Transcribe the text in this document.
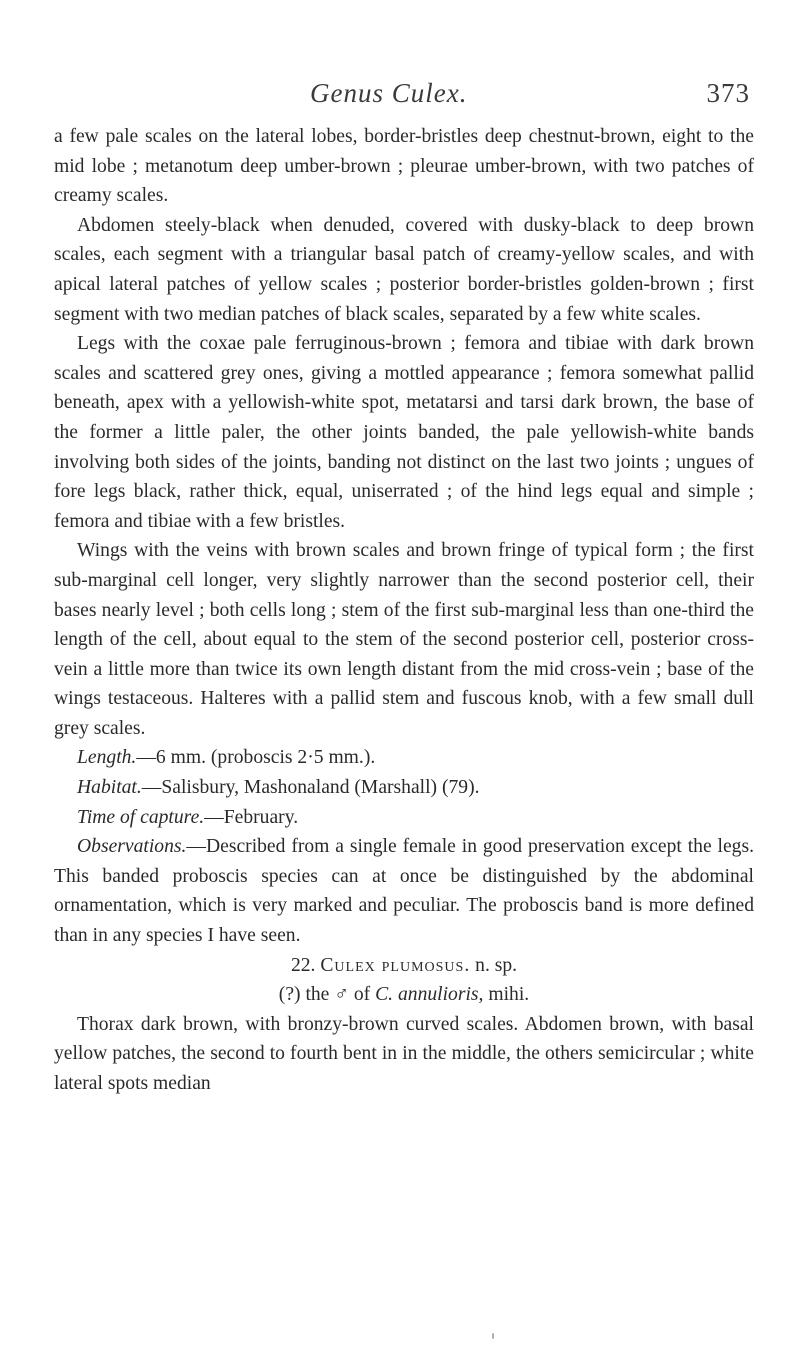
Genus Culex.	373

a few pale scales on the lateral lobes, border-bristles deep chestnut-brown, eight to the mid lobe ; metanotum deep umber-brown ; pleurae umber-brown, with two patches of creamy scales.

Abdomen steely-black when denuded, covered with dusky-black to deep brown scales, each segment with a triangular basal patch of creamy-yellow scales, and with apical lateral patches of yellow scales ; posterior border-bristles golden-brown ; first segment with two median patches of black scales, separated by a few white scales.

Legs with the coxae pale ferruginous-brown ; femora and tibiae with dark brown scales and scattered grey ones, giving a mottled appearance ; femora somewhat pallid beneath, apex with a yellowish-white spot, metatarsi and tarsi dark brown, the base of the former a little paler, the other joints banded, the pale yellowish-white bands involving both sides of the joints, banding not distinct on the last two joints ; ungues of fore legs black, rather thick, equal, uniserrated ; of the hind legs equal and simple ; femora and tibiae with a few bristles.

Wings with the veins with brown scales and brown fringe of typical form ; the first sub-marginal cell longer, very slightly narrower than the second posterior cell, their bases nearly level ; both cells long ; stem of the first sub-marginal less than one-third the length of the cell, about equal to the stem of the second posterior cell, posterior cross-vein a little more than twice its own length distant from the mid cross-vein ; base of the wings testaceous. Halteres with a pallid stem and fuscous knob, with a few small dull grey scales.

Length.—6 mm. (proboscis 2·5 mm.).

Habitat.—Salisbury, Mashonaland (Marshall) (79).

Time of capture.—February.

Observations.—Described from a single female in good preservation except the legs. This banded proboscis species can at once be distinguished by the abdominal ornamentation, which is very marked and peculiar. The proboscis band is more defined than in any species I have seen.

22. Culex plumosus. n. sp.

(?) the ♂ of C. annulioris, mihi.

Thorax dark brown, with bronzy-brown curved scales. Abdomen brown, with basal yellow patches, the second to fourth bent in in the middle, the others semicircular ; white lateral spots median
